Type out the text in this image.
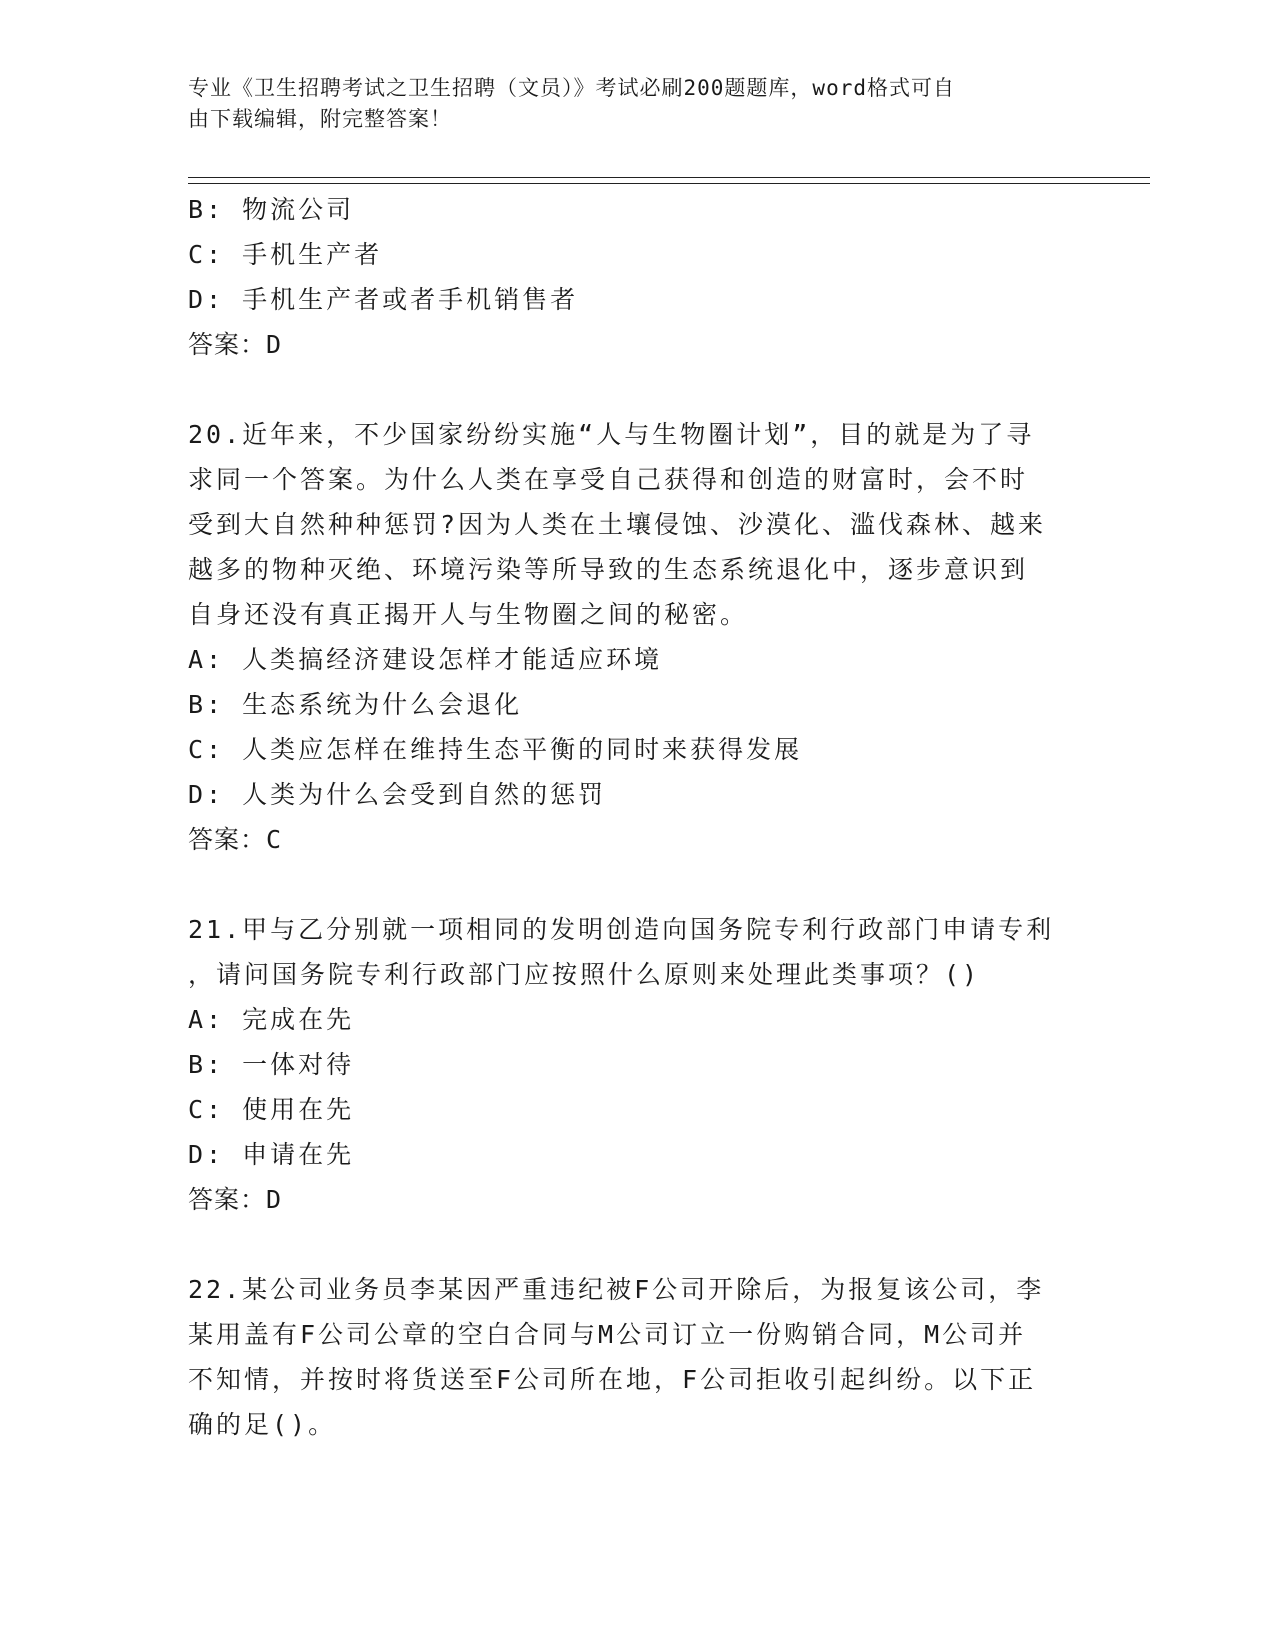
专业《卫生招聘考试之卫生招聘（文员）》考试必刷200题题库，word格式可自
由下载编辑，附完整答案！
B: 物流公司
C: 手机生产者
D: 手机生产者或者手机销售者
答案：D
20.近年来，不少国家纷纷实施“人与生物圈计划”，目的就是为了寻
求同一个答案。为什么人类在享受自己获得和创造的财富时，会不时
受到大自然种种惩罚?因为人类在土壤侵蚀、沙漠化、滥伐森林、越来
越多的物种灭绝、环境污染等所导致的生态系统退化中，逐步意识到
自身还没有真正揭开人与生物圈之间的秘密。
A: 人类搞经济建设怎样才能适应环境
B: 生态系统为什么会退化
C: 人类应怎样在维持生态平衡的同时来获得发展
D: 人类为什么会受到自然的惩罚
答案：C
21.甲与乙分别就一项相同的发明创造向国务院专利行政部门申请专利
，请问国务院专利行政部门应按照什么原则来处理此类事项？()
A: 完成在先
B: 一体对待
C: 使用在先
D: 申请在先
答案：D
22.某公司业务员李某因严重违纪被F公司开除后，为报复该公司，李
某用盖有F公司公章的空白合同与M公司订立一份购销合同，M公司并
不知情，并按时将货送至F公司所在地，F公司拒收引起纠纷。以下正
确的足()。
